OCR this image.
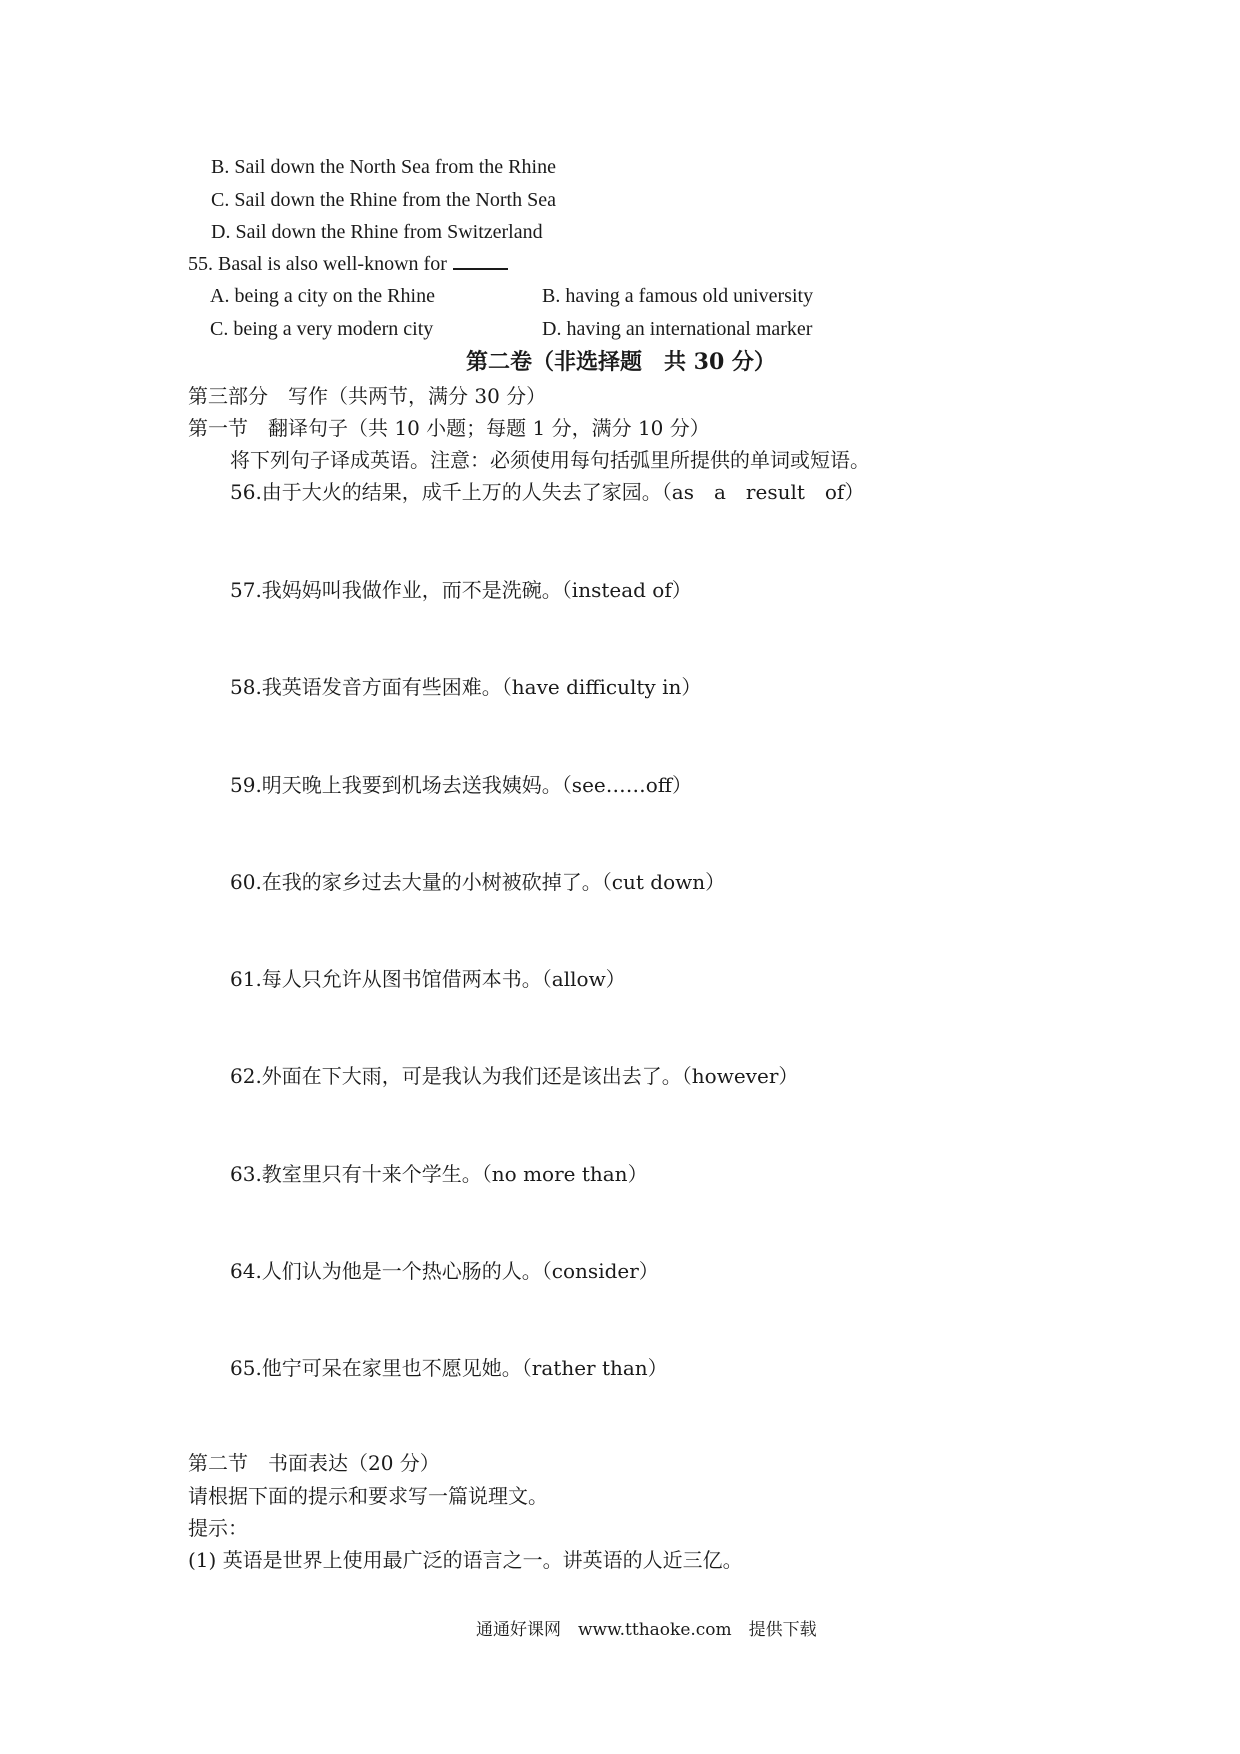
B. Sail down the North Sea from the Rhine
C. Sail down the Rhine from the North Sea
D. Sail down the Rhine from Switzerland
55. Basal is also well-known for
A. being a city on the Rhine	B. having a famous old university
C. being a very modern city	D. having an international marker
第二卷（非选择题　共 30 分）
第三部分　写作（共两节，满分 30 分）
第一节　翻译句子（共 10 小题；每题 1 分，满分 10 分）
将下列句子译成英语。注意：必须使用每句括弧里所提供的单词或短语。
56.由于大火的结果，成千上万的人失去了家园。（as　a　result　of）
57.我妈妈叫我做作业，而不是洗碗。（instead of）
58.我英语发音方面有些困难。（have difficulty in）
59.明天晚上我要到机场去送我姨妈。（see……off）
60.在我的家乡过去大量的小树被砍掉了。（cut down）
61.每人只允许从图书馆借两本书。（allow）
62.外面在下大雨，可是我认为我们还是该出去了。（however）
63.教室里只有十来个学生。（no more than）
64.人们认为他是一个热心肠的人。（consider）
65.他宁可呆在家里也不愿见她。（rather than）
第二节　书面表达（20 分）
请根据下面的提示和要求写一篇说理文。
提示：
(1) 英语是世界上使用最广泛的语言之一。讲英语的人近三亿。
通通好课网　www.tthaoke.com　提供下载
